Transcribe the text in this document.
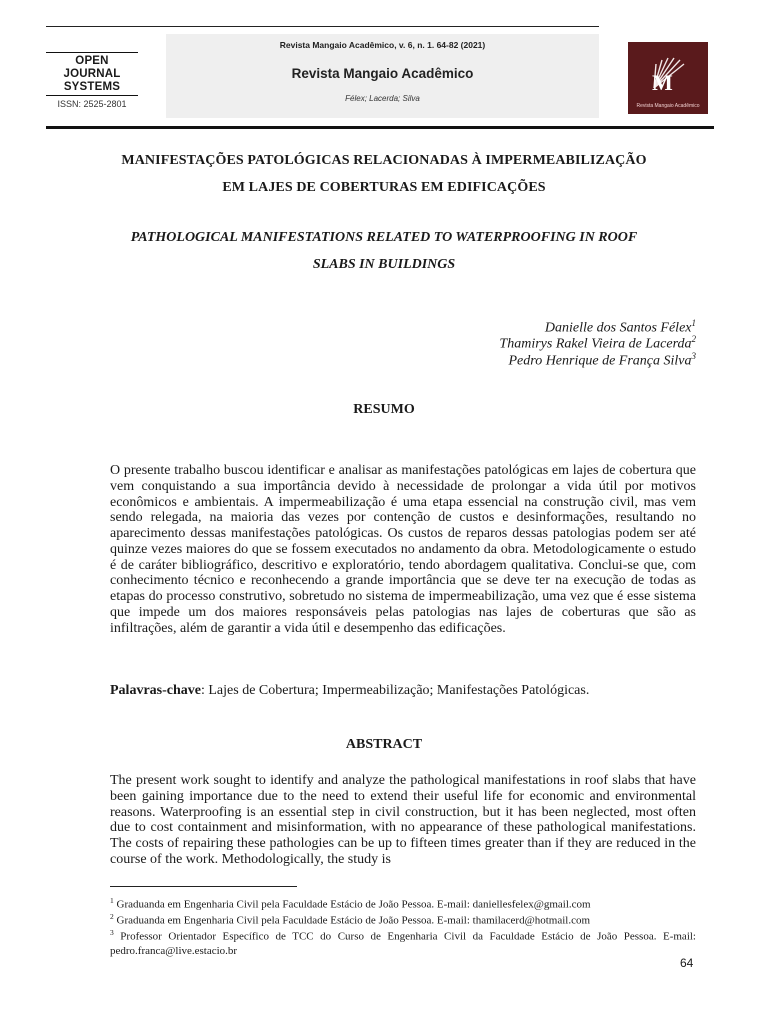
OPEN
JOURNAL
SYSTEMS
ISSN: 2525-2801
Revista Mangaio Acadêmico, v. 6, n. 1. 64-82 (2021)
Revista Mangaio Acadêmico
Félex; Lacerda; Silva
M
Revista Mangaio Acadêmico
MANIFESTAÇÕES PATOLÓGICAS RELACIONADAS À IMPERMEABILIZAÇÃO
EM LAJES DE COBERTURAS EM EDIFICAÇÕES
PATHOLOGICAL MANIFESTATIONS RELATED TO WATERPROOFING IN ROOF
SLABS IN BUILDINGS
Danielle dos Santos Félex$^1$
Thamirys Rakel Vieira de Lacerda$^2$
Pedro Henrique de França Silva$^3$
RESUMO
O presente trabalho buscou identificar e analisar as manifestações patológicas em lajes de cobertura que vem conquistando a sua importância devido à necessidade de prolongar a vida útil por motivos econômicos e ambientais. A impermeabilização é uma etapa essencial na construção civil, mas vem sendo relegada, na maioria das vezes por contenção de custos e desinformações, resultando no aparecimento dessas manifestações patológicas. Os custos de reparos dessas patologias podem ser até quinze vezes maiores do que se fossem executados no andamento da obra. Metodologicamente o estudo é de caráter bibliográfico, descritivo e exploratório, tendo abordagem qualitativa. Conclui-se que, com conhecimento técnico e reconhecendo a grande importância que se deve ter na execução de todas as etapas do processo construtivo, sobretudo no sistema de impermeabilização, uma vez que é esse sistema que impede um dos maiores responsáveis pelas patologias nas lajes de coberturas que são as infiltrações, além de garantir a vida útil e desempenho das edificações.
Palavras-chave: Lajes de Cobertura; Impermeabilização; Manifestações Patológicas.
ABSTRACT
The present work sought to identify and analyze the pathological manifestations in roof slabs that have been gaining importance due to the need to extend their useful life for economic and environmental reasons. Waterproofing is an essential step in civil construction, but it has been neglected, most often due to cost containment and misinformation, with no appearance of these pathological manifestations. The costs of repairing these pathologies can be up to fifteen times greater than if they are reduced in the course of the work. Methodologically, the study is
$^1$ Graduanda em Engenharia Civil pela Faculdade Estácio de João Pessoa. E-mail: daniellesfelex@gmail.com
$^2$ Graduanda em Engenharia Civil pela Faculdade Estácio de João Pessoa. E-mail: thamilacerd@hotmail.com
$^3$ Professor Orientador Específico de TCC do Curso de Engenharia Civil da Faculdade Estácio de João Pessoa. E-mail: pedro.franca@live.estacio.br
64
